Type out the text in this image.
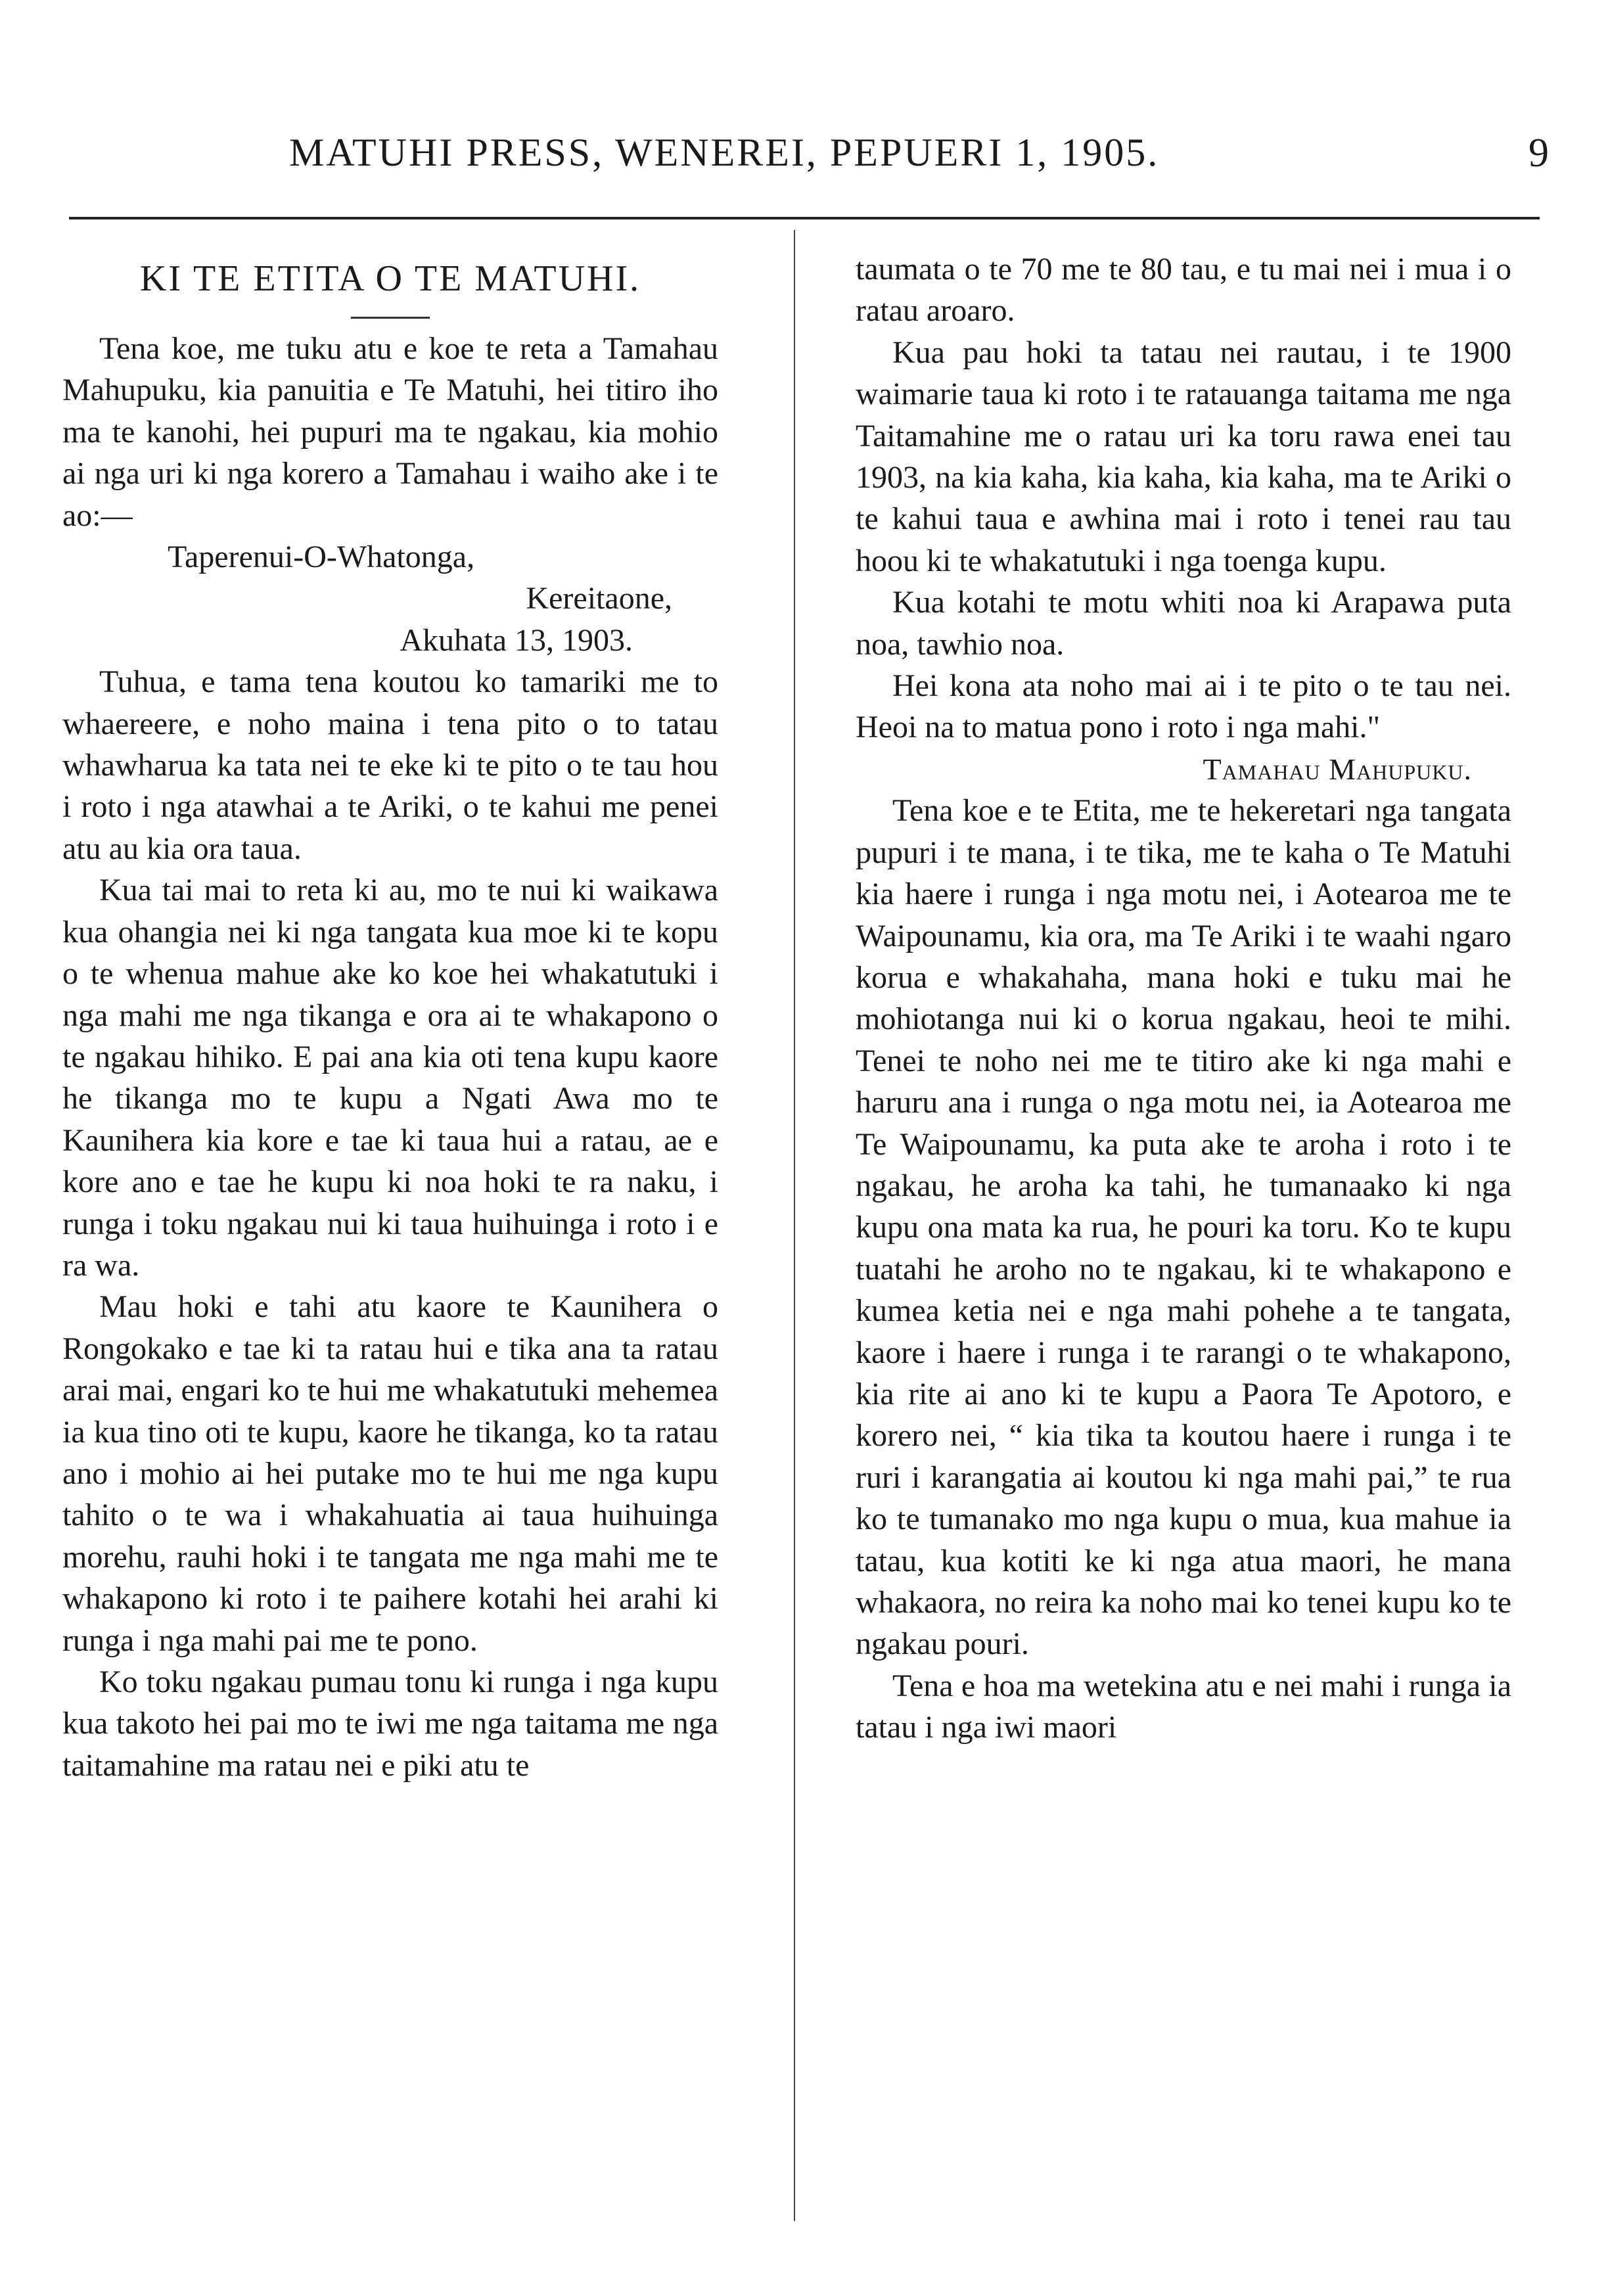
MATUHI PRESS, WENEREI, PEPUERI 1, 1905.	9
KI TE ETITA O TE MATUHI.

Tena koe, me tuku atu e koe te reta a Tamahau Mahupuku, kia panuitia e Te Matuhi, hei titiro iho ma te kanohi, hei pupuri ma te ngakau, kia mohio ai nga uri ki nga korero a Tamahau i waiho ake i te ao:—

Taperenui-O-Whatonga,
Kereitaone,
Akuhata 13, 1903.

Tuhua, e tama tena koutou ko tamariki me to whaereere, e noho maina i tena pito o to tatau whawharua ka tata nei te eke ki te pito o te tau hou i roto i nga atawhai a te Ariki, o te kahui me penei atu au kia ora taua.

Kua tai mai to reta ki au, mo te nui ki waikawa kua ohangia nei ki nga tangata kua moe ki te kopu o te whenua mahue ake ko koe hei whakatutuki i nga mahi me nga tikanga e ora ai te whakapono o te ngakau hihiko. E pai ana kia oti tena kupu kaore he tikanga mo te kupu a Ngati Awa mo te Kaunihera kia kore e tae ki taua hui a ratau, ae e kore ano e tae he kupu ki noa hoki te ra naku, i runga i toku ngakau nui ki taua huihuinga i roto i e ra wa.

Mau hoki e tahi atu kaore te Kaunihera o Rongokako e tae ki ta ratau hui e tika ana ta ratau arai mai, engari ko te hui me whakatutuki mehemea ia kua tino oti te kupu, kaore he tikanga, ko ta ratau ano i mohio ai hei putake mo te hui me nga kupu tahito o te wa i whakahuatia ai taua huihuinga morehu, rauhi hoki i te tangata me nga mahi me te whakapono ki roto i te paihere kotahi hei arahi ki runga i nga mahi pai me te pono.

Ko toku ngakau pumau tonu ki runga i nga kupu kua takoto hei pai mo te iwi me nga taitama me nga taitamahine ma ratau nei e piki atu te

taumata o te 70 me te 80 tau, e tu mai nei i mua i o ratau aroaro.

Kua pau hoki ta tatau nei rautau, i te 1900 waimarie taua ki roto i te ratauanga taitama me nga Taitamahine me o ratau uri ka toru rawa enei tau 1903, na kia kaha, kia kaha, kia kaha, ma te Ariki o te kahui taua e awhina mai i roto i tenei rau tau hoou ki te whakatutuki i nga toenga kupu.

Kua kotahi te motu whiti noa ki Arapawa puta noa, tawhio noa.

Hei kona ata noho mai ai i te pito o te tau nei. Heoi na to matua pono i roto i nga mahi."

Tamahau Mahupuku.

Tena koe e te Etita, me te hekeretari nga tangata pupuri i te mana, i te tika, me te kaha o Te Matuhi kia haere i runga i nga motu nei, i Aotearoa me te Waipounamu, kia ora, ma Te Ariki i te waahi ngaro korua e whakahaha, mana hoki e tuku mai he mohiotanga nui ki o korua ngakau, heoi te mihi. Tenei te noho nei me te titiro ake ki nga mahi e haruru ana i runga o nga motu nei, ia Aotearoa me Te Waipounamu, ka puta ake te aroha i roto i te ngakau, he aroha ka tahi, he tumanaako ki nga kupu ona mata ka rua, he pouri ka toru. Ko te kupu tuatahi he aroho no te ngakau, ki te whakapono e kumea ketia nei e nga mahi pohehe a te tangata, kaore i haere i runga i te rarangi o te whakapono, kia rite ai ano ki te kupu a Paora Te Apotoro, e korero nei, “ kia tika ta koutou haere i runga i te ruri i karangatia ai koutou ki nga mahi pai,” te rua ko te tumanako mo nga kupu o mua, kua mahue ia tatau, kua kotiti ke ki nga atua maori, he mana whakaora, no reira ka noho mai ko tenei kupu ko te ngakau pouri.

Tena e hoa ma wetekina atu e nei mahi i runga ia tatau i nga iwi maori
